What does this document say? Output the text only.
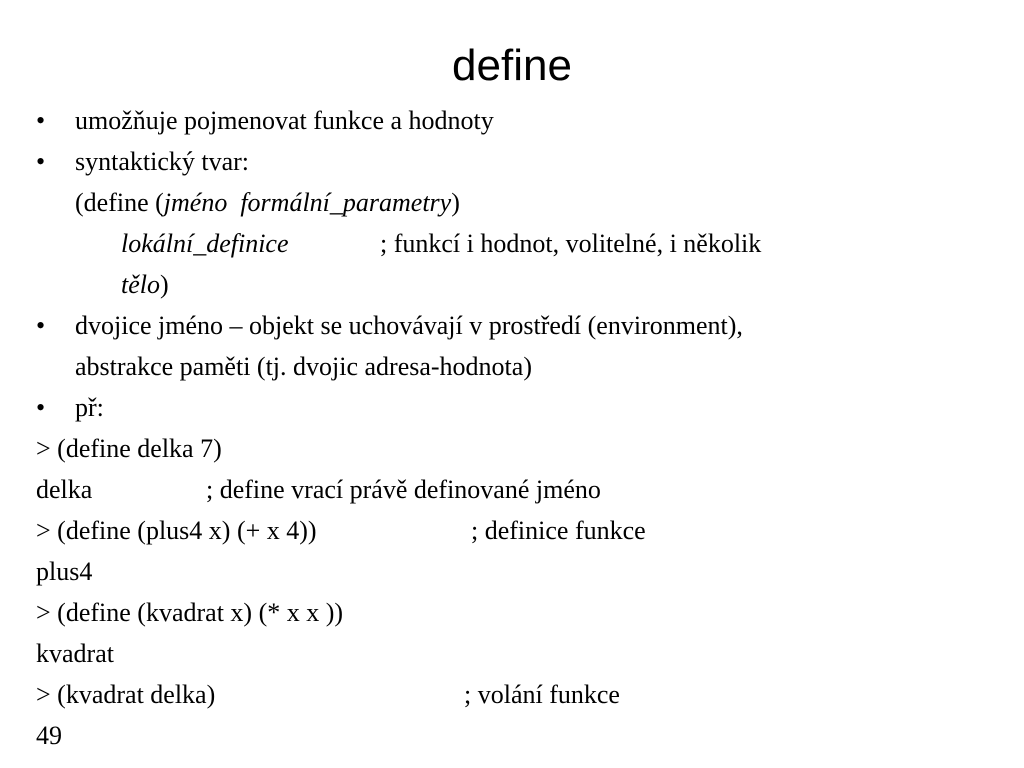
define
• umožňuje pojmenovat funkce a hodnoty
• syntaktický tvar:
(define (jméno formální_parametry)
lokální_definice	; funkcí i hodnot, volitelné, i několik
tělo)
• dvojice jméno – objekt se uchovávají v prostředí (environment),
abstrakce paměti (tj. dvojic adresa-hodnota)
• př:
> (define delka 7)
delka	; define vrací právě definované jméno
> (define (plus4 x) (+ x 4))	; definice funkce
plus4
> (define (kvadrat x) (* x x ))
kvadrat
> (kvadrat delka)	; volání funkce
49
